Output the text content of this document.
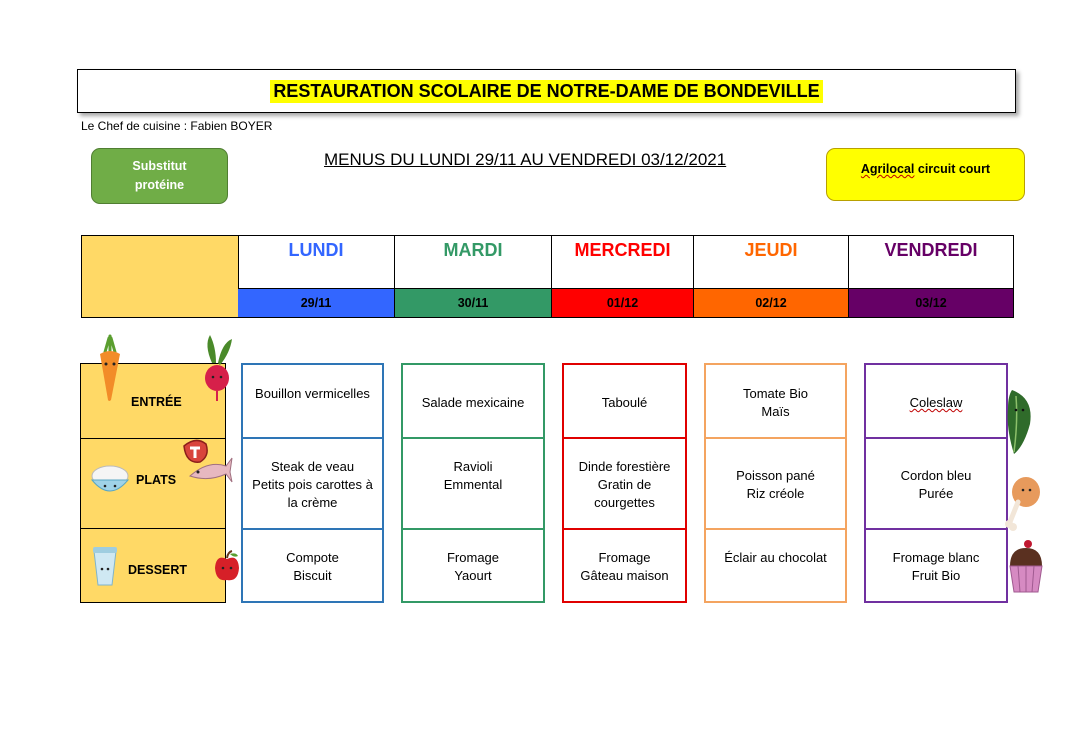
RESTAURATION SCOLAIRE DE NOTRE-DAME DE BONDEVILLE
Le Chef de cuisine : Fabien BOYER
Substitut
protéine
MENUS DU LUNDI 29/11 AU VENDREDI 03/12/2021	Agrilocal circuit court
LUNDI
29/11
MARDI
30/11
MERCREDI
01/12
JEUDI
02/12
VENDREDI
03/12
ENTRÉE
PLATS
DESSERT
Bouillon vermicelles
Steak de veau
Petits pois carottes à
la crème
Compote
Biscuit
Salade mexicaine
Ravioli
Emmental
Fromage
Yaourt
Taboulé
Dinde forestière
Gratin de
courgettes
Fromage
Gâteau maison
Tomate Bio
Maïs
Poisson pané
Riz créole
Éclair au chocolat
Coleslaw
Cordon bleu
Purée
Fromage blanc
Fruit Bio
